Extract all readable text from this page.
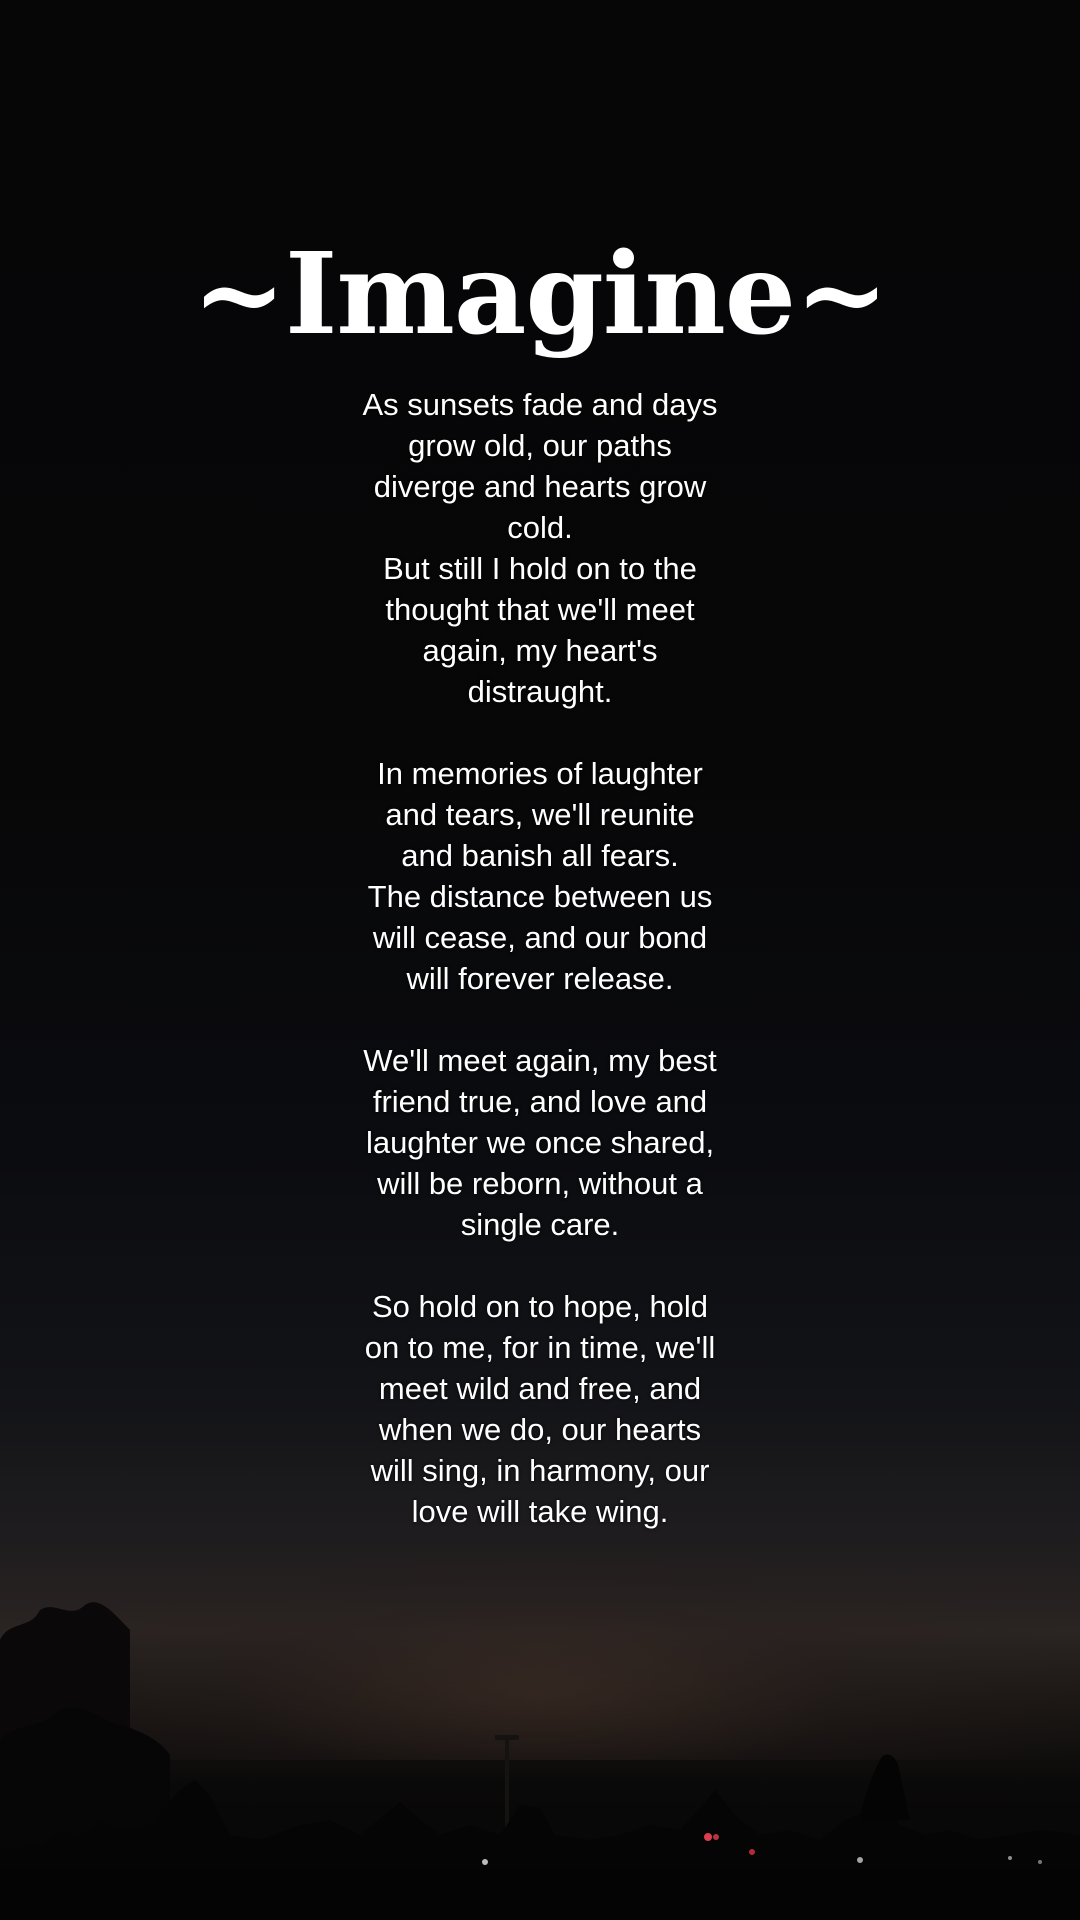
~Imagine~
As sunsets fade and days
grow old, our paths
diverge and hearts grow
cold.
But still I hold on to the
thought that we'll meet
again, my heart's
distraught.
In memories of laughter
and tears, we'll reunite
and banish all fears.
The distance between us
will cease, and our bond
will forever release.
We'll meet again, my best
friend true, and love and
laughter we once shared,
will be reborn, without a
single care.
So hold on to hope, hold
on to me, for in time, we'll
meet wild and free, and
when we do, our hearts
will sing, in harmony, our
love will take wing.
